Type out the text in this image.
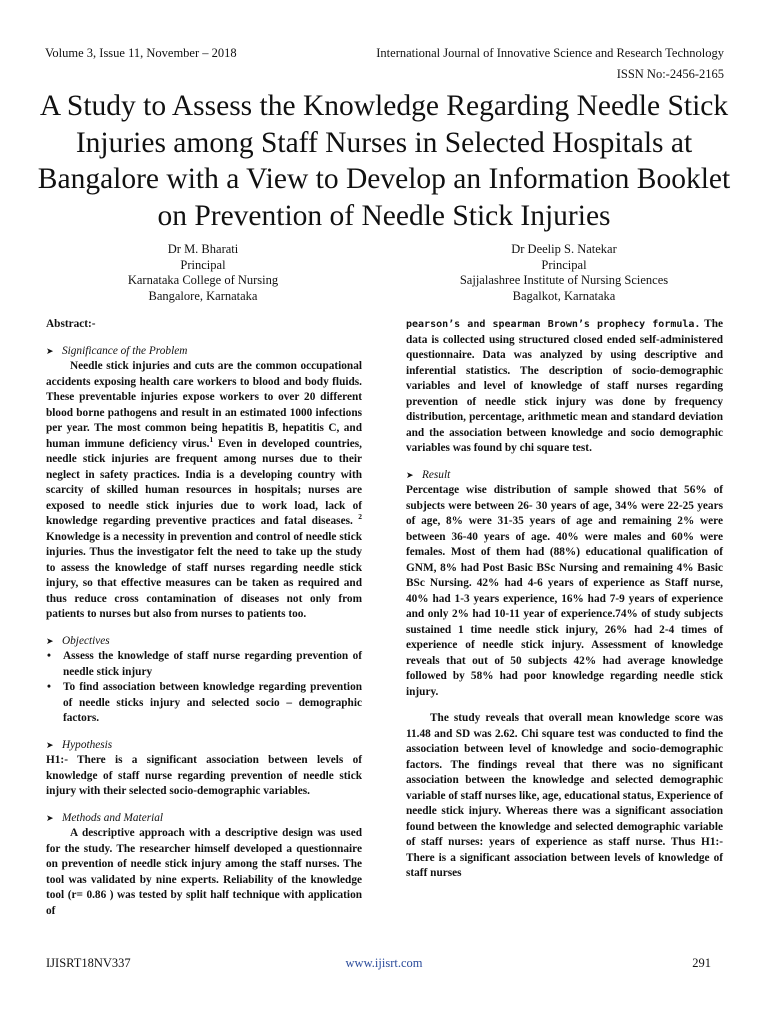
Volume 3, Issue 11, November – 2018	International Journal of Innovative Science and Research Technology
ISSN No:-2456-2165
A Study to Assess the Knowledge Regarding Needle Stick Injuries among Staff Nurses in Selected Hospitals at Bangalore with a View to Develop an Information Booklet on Prevention of Needle Stick Injuries
Dr M. Bharati
Principal
Karnataka College of Nursing
Bangalore, Karnataka
Dr Deelip S. Natekar
Principal
Sajjalashree Institute of Nursing Sciences
Bagalkot, Karnataka

Abstract:-

➤ Significance of the Problem

Needle stick injuries and cuts are the common occupational accidents exposing health care workers to blood and body fluids. These preventable injuries expose workers to over 20 different blood borne pathogens and result in an estimated 1000 infections per year. The most common being hepatitis B, hepatitis C, and human immune deficiency virus.$^1$ Even in developed countries, needle stick injuries are frequent among nurses due to their neglect in safety practices. India is a developing country with scarcity of skilled human resources in hospitals; nurses are exposed to needle stick injuries due to work load, lack of knowledge regarding preventive practices and fatal diseases. $^2$ Knowledge is a necessity in prevention and control of needle stick injuries. Thus the investigator felt the need to take up the study to assess the knowledge of staff nurses regarding needle stick injury, so that effective measures can be taken as required and thus reduce cross contamination of diseases not only from patients to nurses but also from nurses to patients too.

➤ Objectives

• Assess the knowledge of staff nurse regarding prevention of needle stick injury
• To find association between knowledge regarding prevention of needle sticks injury and selected socio – demographic factors.

➤ Hypothesis

H1:- There is a significant association between levels of knowledge of staff nurse regarding prevention of needle stick injury with their selected socio-demographic variables.

➤ Methods and Material

A descriptive approach with a descriptive design was used for the study. The researcher himself developed a questionnaire on prevention of needle stick injury among the staff nurses. The tool was validated by nine experts. Reliability of the knowledge tool (r= 0.86 ) was tested by split half technique with application of

pearson’s and spearman Brown’s prophecy formula. The data is collected using structured closed ended self-administered questionnaire. Data was analyzed by using descriptive and inferential statistics. The description of socio-demographic variables and level of knowledge of staff nurses regarding prevention of needle stick injury was done by frequency distribution, percentage, arithmetic mean and standard deviation and the association between knowledge and socio demographic variables was found by chi square test.

➤ Result

Percentage wise distribution of sample showed that 56% of subjects were between 26- 30 years of age, 34% were 22-25 years of age, 8% were 31-35 years of age and remaining 2% were between 36-40 years of age. 40% were males and 60% were females. Most of them had (88%) educational qualification of GNM, 8% had Post Basic BSc Nursing and remaining 4% Basic BSc Nursing. 42% had 4-6 years of experience as Staff nurse, 40% had 1-3 years experience, 16% had 7-9 years of experience and only 2% had 10-11 year of experience.74% of study subjects sustained 1 time needle stick injury, 26% had 2-4 times of experience of needle stick injury. Assessment of knowledge reveals that out of 50 subjects 42% had average knowledge followed by 58% had poor knowledge regarding needle stick injury.

The study reveals that overall mean knowledge score was 11.48 and SD was 2.62. Chi square test was conducted to find the association between level of knowledge and socio-demographic factors. The findings reveal that there was no significant association between the knowledge and selected demographic variable of staff nurses like, age, educational status, Experience of needle stick injury. Whereas there was a significant association found between the knowledge and selected demographic variable of staff nurses: years of experience as staff nurse. Thus H1:- There is a significant association between levels of knowledge of staff nurses

IJISRT18NV337	www.ijisrt.com	291
